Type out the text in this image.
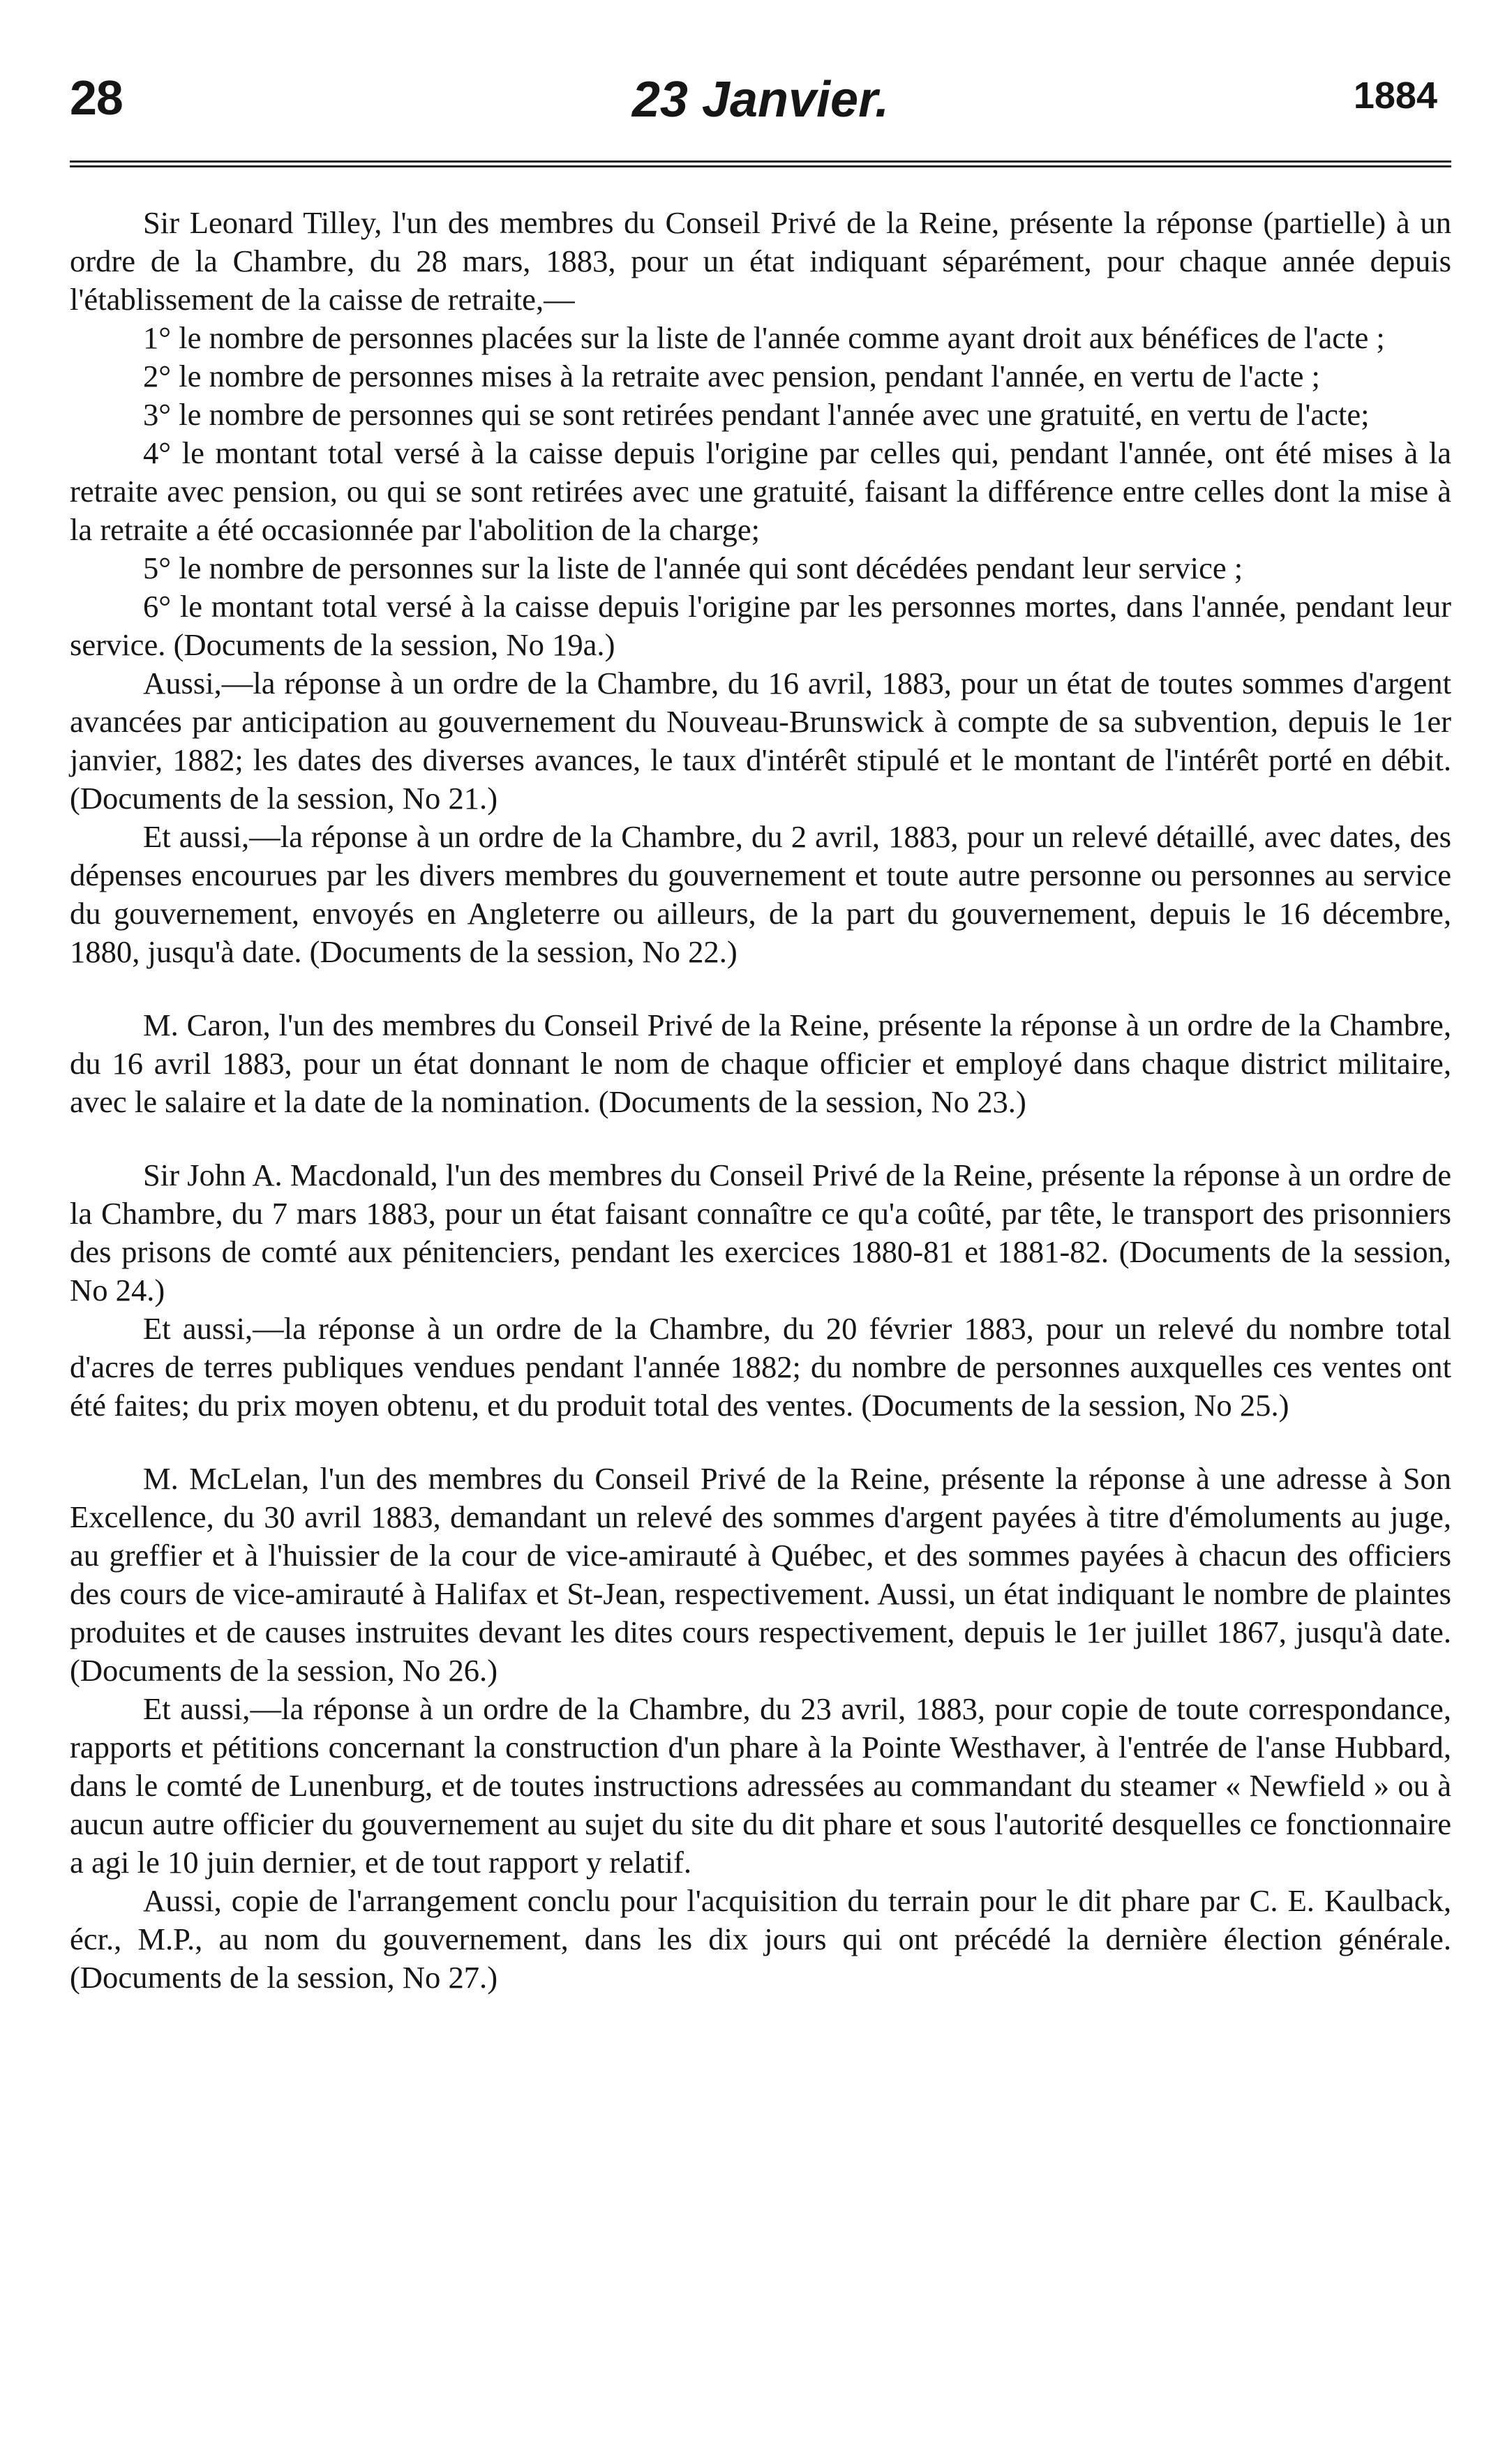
28	23 Janvier.	1884

Sir Leonard Tilley, l'un des membres du Conseil Privé de la Reine, présente la réponse (partielle) à un ordre de la Chambre, du 28 mars, 1883, pour un état indiquant séparément, pour chaque année depuis l'établissement de la caisse de retraite,—

1° le nombre de personnes placées sur la liste de l'année comme ayant droit aux bénéfices de l'acte ;

2° le nombre de personnes mises à la retraite avec pension, pendant l'année, en vertu de l'acte ;

3° le nombre de personnes qui se sont retirées pendant l'année avec une gratuité, en vertu de l'acte;

4° le montant total versé à la caisse depuis l'origine par celles qui, pendant l'année, ont été mises à la retraite avec pension, ou qui se sont retirées avec une gratuité, faisant la différence entre celles dont la mise à la retraite a été occasionnée par l'abolition de la charge;

5° le nombre de personnes sur la liste de l'année qui sont décédées pendant leur service ;

6° le montant total versé à la caisse depuis l'origine par les personnes mortes, dans l'année, pendant leur service. (Documents de la session, No 19a.)

Aussi,—la réponse à un ordre de la Chambre, du 16 avril, 1883, pour un état de toutes sommes d'argent avancées par anticipation au gouvernement du Nouveau-Brunswick à compte de sa subvention, depuis le 1er janvier, 1882; les dates des diverses avances, le taux d'intérêt stipulé et le montant de l'intérêt porté en débit. (Documents de la session, No 21.)

Et aussi,—la réponse à un ordre de la Chambre, du 2 avril, 1883, pour un relevé détaillé, avec dates, des dépenses encourues par les divers membres du gouvernement et toute autre personne ou personnes au service du gouvernement, envoyés en Angleterre ou ailleurs, de la part du gouvernement, depuis le 16 décembre, 1880, jusqu'à date. (Documents de la session, No 22.)

M. Caron, l'un des membres du Conseil Privé de la Reine, présente la réponse à un ordre de la Chambre, du 16 avril 1883, pour un état donnant le nom de chaque officier et employé dans chaque district militaire, avec le salaire et la date de la nomination. (Documents de la session, No 23.)

Sir John A. Macdonald, l'un des membres du Conseil Privé de la Reine, présente la réponse à un ordre de la Chambre, du 7 mars 1883, pour un état faisant connaître ce qu'a coûté, par tête, le transport des prisonniers des prisons de comté aux pénitenciers, pendant les exercices 1880-81 et 1881-82. (Documents de la session, No 24.)

Et aussi,—la réponse à un ordre de la Chambre, du 20 février 1883, pour un relevé du nombre total d'acres de terres publiques vendues pendant l'année 1882; du nombre de personnes auxquelles ces ventes ont été faites; du prix moyen obtenu, et du produit total des ventes. (Documents de la session, No 25.)

M. McLelan, l'un des membres du Conseil Privé de la Reine, présente la réponse à une adresse à Son Excellence, du 30 avril 1883, demandant un relevé des sommes d'argent payées à titre d'émoluments au juge, au greffier et à l'huissier de la cour de vice-amirauté à Québec, et des sommes payées à chacun des officiers des cours de vice-amirauté à Halifax et St-Jean, respectivement. Aussi, un état indiquant le nombre de plaintes produites et de causes instruites devant les dites cours respectivement, depuis le 1er juillet 1867, jusqu'à date. (Documents de la session, No 26.)

Et aussi,—la réponse à un ordre de la Chambre, du 23 avril, 1883, pour copie de toute correspondance, rapports et pétitions concernant la construction d'un phare à la Pointe Westhaver, à l'entrée de l'anse Hubbard, dans le comté de Lunenburg, et de toutes instructions adressées au commandant du steamer « Newfield » ou à aucun autre officier du gouvernement au sujet du site du dit phare et sous l'autorité desquelles ce fonctionnaire a agi le 10 juin dernier, et de tout rapport y relatif.

Aussi, copie de l'arrangement conclu pour l'acquisition du terrain pour le dit phare par C. E. Kaulback, écr., M.P., au nom du gouvernement, dans les dix jours qui ont précédé la dernière élection générale. (Documents de la session, No 27.)
